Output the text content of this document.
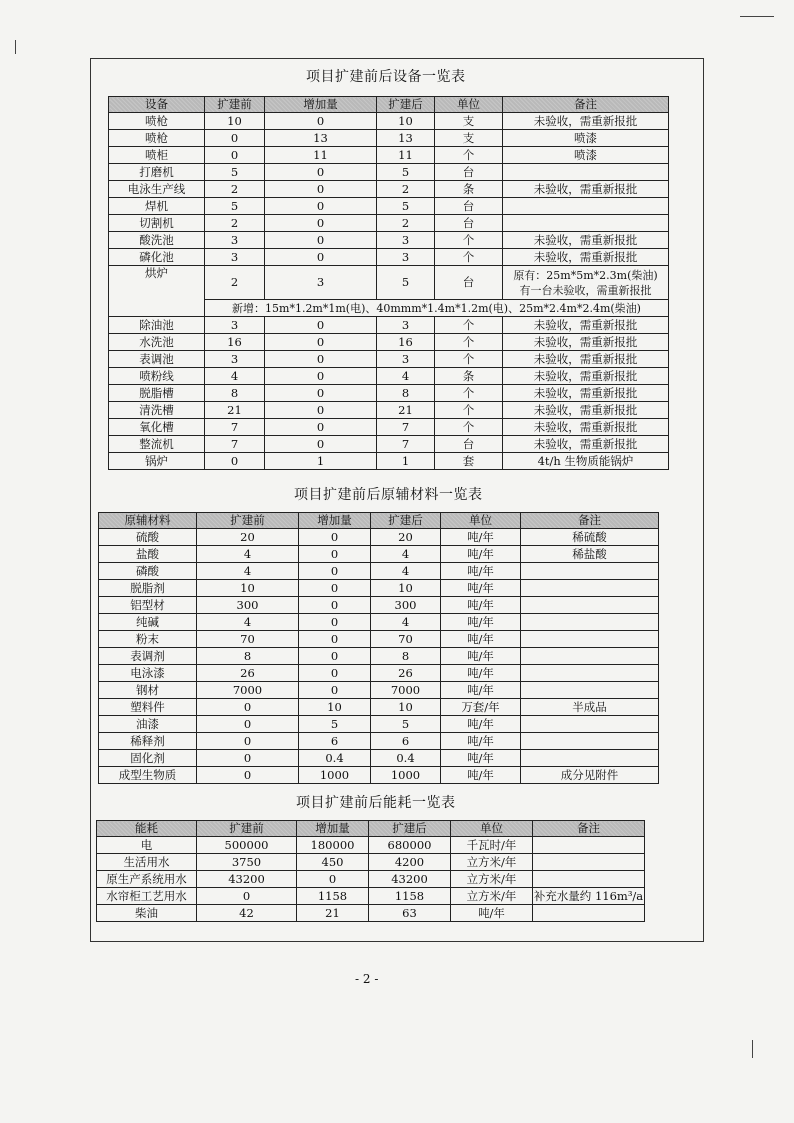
项目扩建前后设备一览表
设备	扩建前	增加量	扩建后	单位	备注
喷枪	10	0	10	支	未验收，需重新报批
喷枪	0	13	13	支	喷漆
喷柜	0	11	11	个	喷漆
打磨机	5	0	5	台	
电泳生产线	2	0	2	条	未验收，需重新报批
焊机	5	0	5	台	
切割机	2	0	2	台	
酸洗池	3	0	3	个	未验收，需重新报批
磷化池	3	0	3	个	未验收，需重新报批
烘炉	2	3	5	台	原有：25m*5m*2.3m(柴油)
有一台未验收，需重新报批

	新增：15m*1.2m*1m(电)、40mmm*1.4m*1.2m(电)、25m*2.4m*2.4m(柴油)				
除油池	3	0	3	个	未验收，需重新报批
水洗池	16	0	16	个	未验收，需重新报批
表调池	3	0	3	个	未验收，需重新报批
喷粉线	4	0	4	条	未验收，需重新报批
脱脂槽	8	0	8	个	未验收，需重新报批
清洗槽	21	0	21	个	未验收，需重新报批
氧化槽	7	0	7	个	未验收，需重新报批
整流机	7	0	7	台	未验收，需重新报批
锅炉	0	1	1	套	4t/h 生物质能锅炉
项目扩建前后原辅材料一览表
原辅材料	扩建前	增加量	扩建后	单位	备注
硫酸	20	0	20	吨/年	稀硫酸
盐酸	4	0	4	吨/年	稀盐酸
磷酸	4	0	4	吨/年	
脱脂剂	10	0	10	吨/年	
铝型材	300	0	300	吨/年	
纯碱	4	0	4	吨/年	
粉末	70	0	70	吨/年	
表调剂	8	0	8	吨/年	
电泳漆	26	0	26	吨/年	
钢材	7000	0	7000	吨/年	
塑料件	0	10	10	万套/年	半成品
油漆	0	5	5	吨/年	
稀释剂	0	6	6	吨/年	
固化剂	0	0.4	0.4	吨/年	
成型生物质	0	1000	1000	吨/年	成分见附件
项目扩建前后能耗一览表
能耗	扩建前	增加量	扩建后	单位	备注
电	500000	180000	680000	千瓦时/年	
生活用水	3750	450	4200	立方米/年	
原生产系统用水	43200	0	43200	立方米/年	
水帘柜工艺用水	0	1158	1158	立方米/年	补充水量约 116m³/a
柴油	42	21	63	吨/年	
- 2 -
